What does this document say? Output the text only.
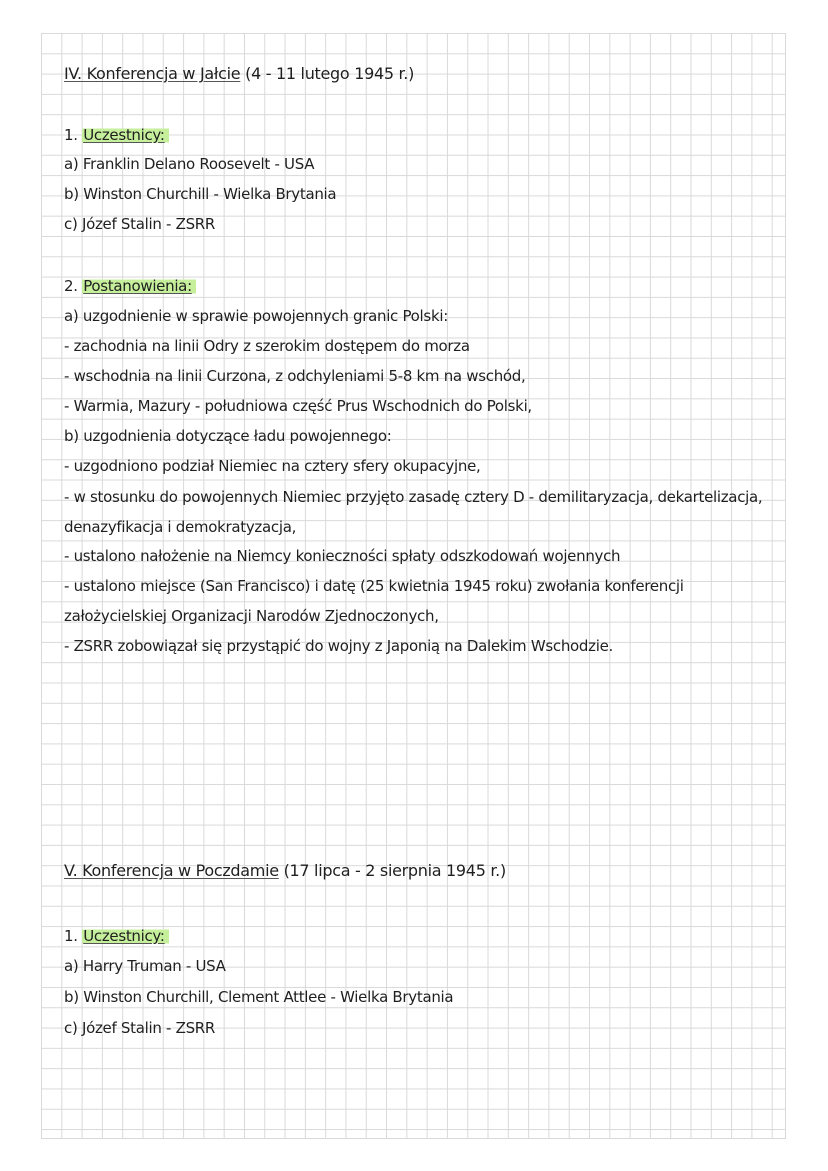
IV. Konferencja w Jałcie (4 - 11 lutego 1945 r.)
1. Uczestnicy:
a) Franklin Delano Roosevelt - USA
b) Winston Churchill - Wielka Brytania
c) Józef Stalin - ZSRR
2. Postanowienia:
a) uzgodnienie w sprawie powojennych granic Polski:
- zachodnia na linii Odry z szerokim dostępem do morza
- wschodnia na linii Curzona, z odchyleniami 5-8 km na wschód,
- Warmia, Mazury - południowa część Prus Wschodnich do Polski,
b) uzgodnienia dotyczące ładu powojennego:
- uzgodniono podział Niemiec na cztery sfery okupacyjne,
- w stosunku do powojennych Niemiec przyjęto zasadę cztery D - demilitaryzacja, dekartelizacja,
denazyfikacja i demokratyzacja,
- ustalono nałożenie na Niemcy konieczności spłaty odszkodowań wojennych
- ustalono miejsce (San Francisco) i datę (25 kwietnia 1945 roku) zwołania konferencji
założycielskiej Organizacji Narodów Zjednoczonych,
- ZSRR zobowiązał się przystąpić do wojny z Japonią na Dalekim Wschodzie.
V. Konferencja w Poczdamie (17 lipca - 2 sierpnia 1945 r.)
1. Uczestnicy:
a) Harry Truman - USA
b) Winston Churchill, Clement Attlee - Wielka Brytania
c) Józef Stalin - ZSRR
